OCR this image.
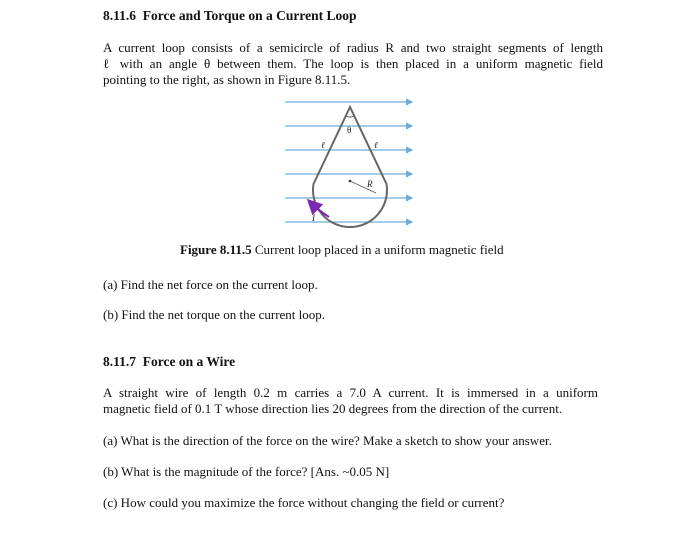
8.11.6 Force and Torque on a Current Loop
A current loop consists of a semicircle of radius R and two straight segments of length
ℓ with an angle θ between them. The loop is then placed in a uniform magnetic field
pointing to the right, as shown in Figure 8.11.5.
θ
ℓ	ℓ
R
I
Figure 8.11.5 Current loop placed in a uniform magnetic field
(a) Find the net force on the current loop.
(b) Find the net torque on the current loop.
8.11.7 Force on a Wire
A straight wire of length 0.2 m carries a 7.0 A current. It is immersed in a uniform
magnetic field of 0.1 T whose direction lies 20 degrees from the direction of the current.
(a) What is the direction of the force on the wire? Make a sketch to show your answer.
(b) What is the magnitude of the force? [Ans. ~0.05 N]
(c) How could you maximize the force without changing the field or current?
